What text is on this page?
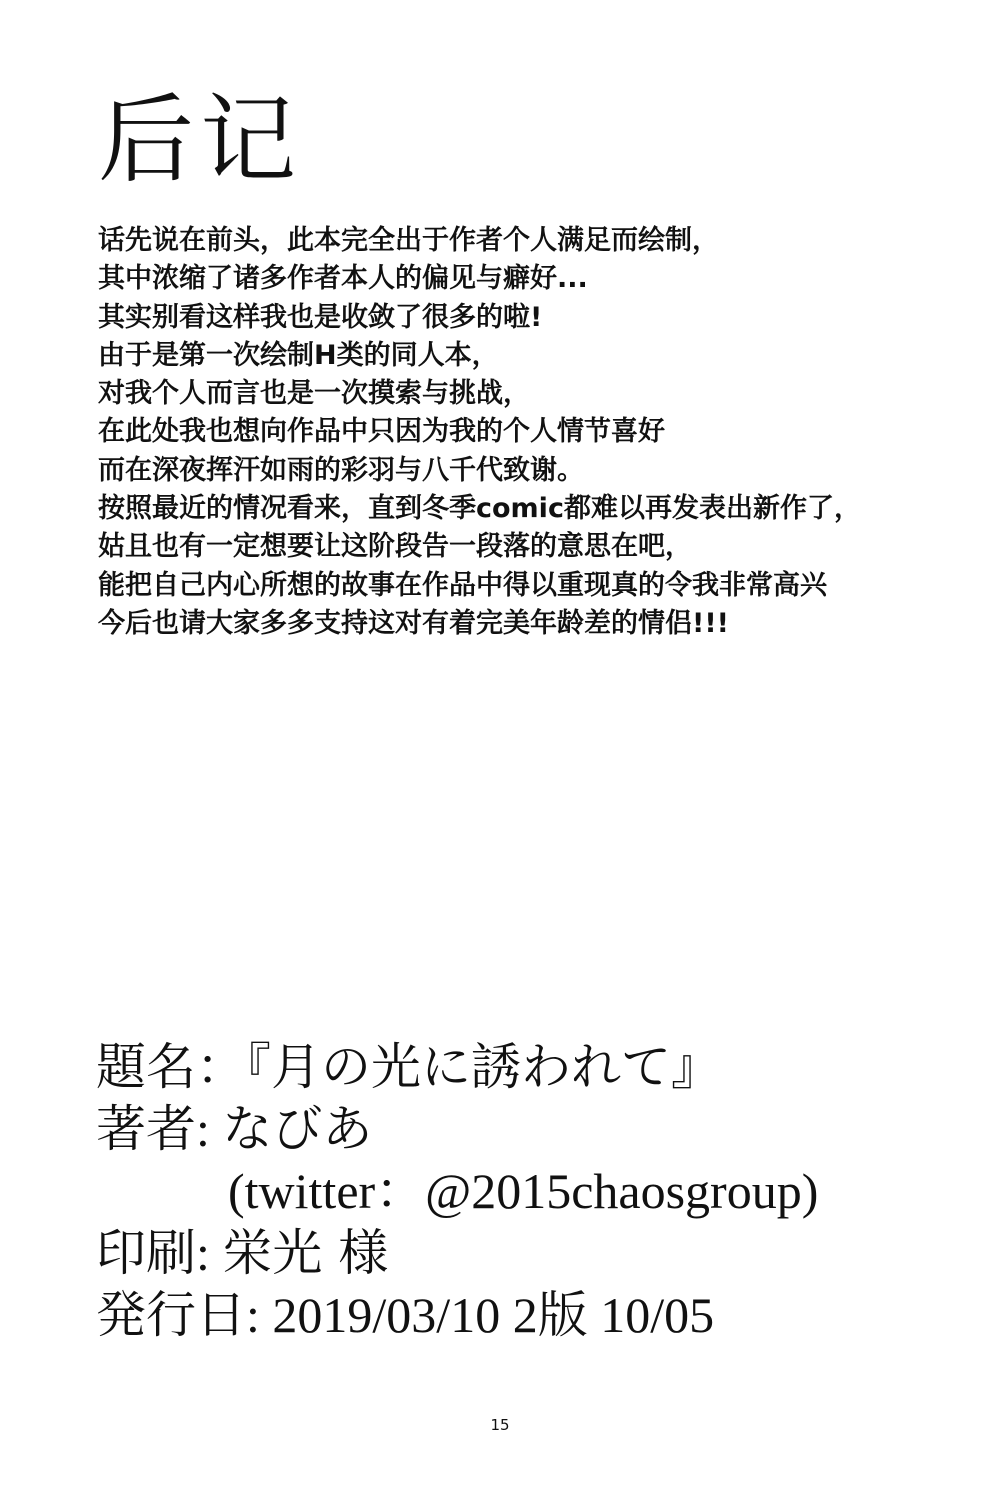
后记
话先说在前头，此本完全出于作者个人满足而绘制，
其中浓缩了诸多作者本人的偏见与癖好...
其实别看这样我也是收敛了很多的啦!
由于是第一次绘制H类的同人本，
对我个人而言也是一次摸索与挑战，
在此处我也想向作品中只因为我的个人情节喜好
而在深夜挥汗如雨的彩羽与八千代致谢。
按照最近的情况看来，直到冬季comic都难以再发表出新作了，
姑且也有一定想要让这阶段告一段落的意思在吧，
能把自己内心所想的故事在作品中得以重现真的令我非常高兴
今后也请大家多多支持这对有着完美年龄差的情侣!!!
題名：『月の光に誘われて』
著者: なびあ
(twitter：@2015chaosgroup)
印刷: 栄光 様
発行日: 2019/03/10 2版 10/05
15
